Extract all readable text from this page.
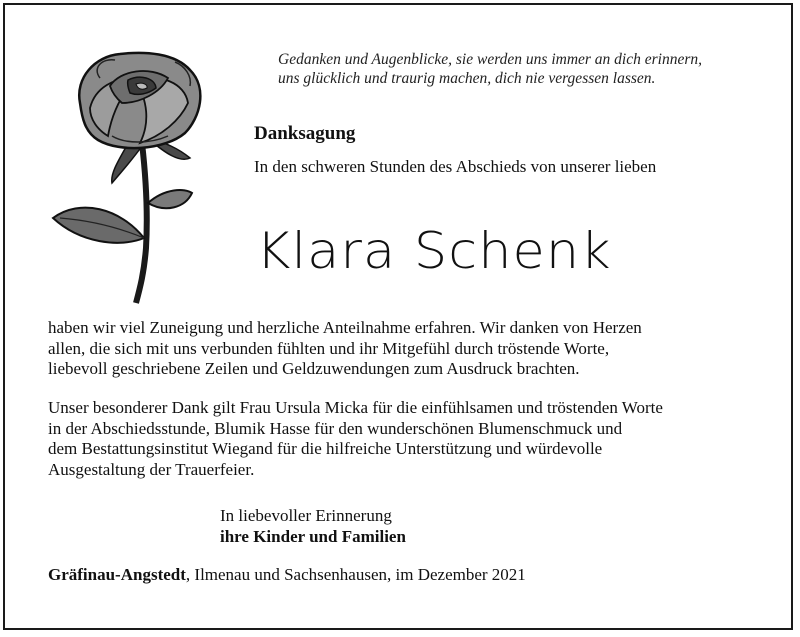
Gedanken und Augenblicke, sie werden uns immer an dich erinnern,
uns glücklich und traurig machen, dich nie vergessen lassen.
Danksagung
In den schweren Stunden des Abschieds von unserer lieben
Klara Schenk
haben wir viel Zuneigung und herzliche Anteilnahme erfahren. Wir danken von Herzen
allen, die sich mit uns verbunden fühlten und ihr Mitgefühl durch tröstende Worte,
liebevoll geschriebene Zeilen und Geldzuwendungen zum Ausdruck brachten.
Unser besonderer Dank gilt Frau Ursula Micka für die einfühlsamen und tröstenden Worte
in der Abschiedsstunde, Blumik Hasse für den wunderschönen Blumenschmuck und
dem Bestattungsinstitut Wiegand für die hilfreiche Unterstützung und würdevolle
Ausgestaltung der Trauerfeier.
In liebevoller Erinnerung
ihre Kinder und Familien
Gräfinau-Angstedt, Ilmenau und Sachsenhausen, im Dezember 2021
